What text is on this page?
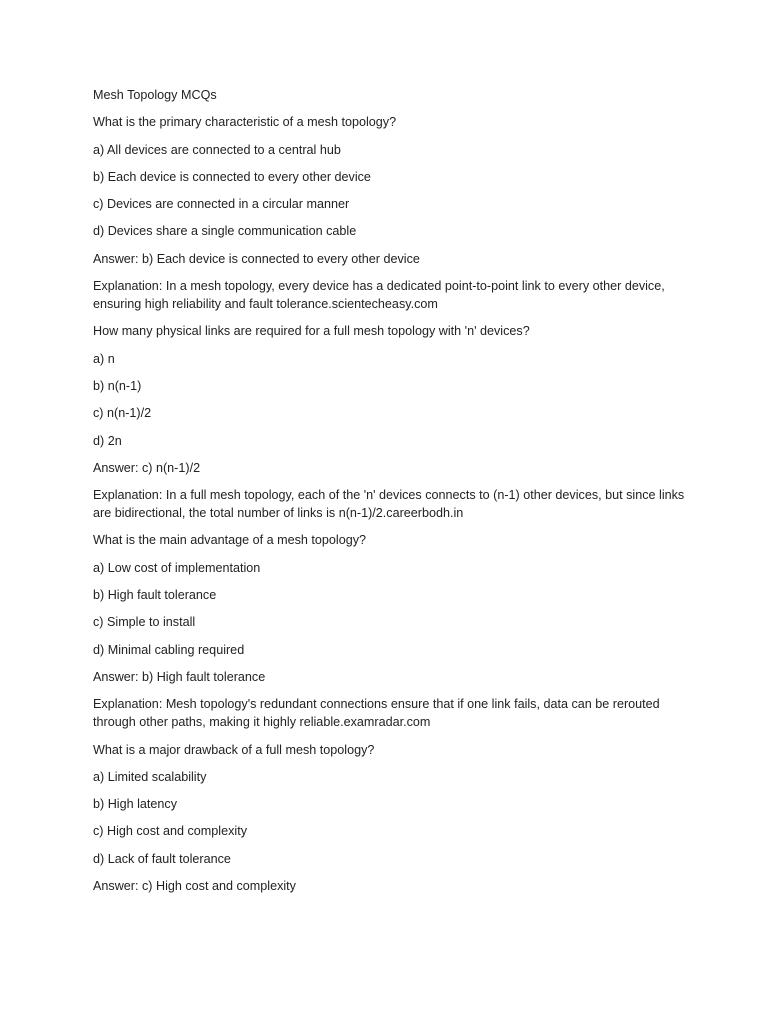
Mesh Topology MCQs

What is the primary characteristic of a mesh topology?

a) All devices are connected to a central hub

b) Each device is connected to every other device

c) Devices are connected in a circular manner

d) Devices share a single communication cable

Answer: b) Each device is connected to every other device

Explanation: In a mesh topology, every device has a dedicated point-to-point link to every other device, ensuring high reliability and fault tolerance.scientecheasy.com

How many physical links are required for a full mesh topology with 'n' devices?

a) n

b) n(n-1)

c) n(n-1)/2

d) 2n

Answer: c) n(n-1)/2

Explanation: In a full mesh topology, each of the 'n' devices connects to (n-1) other devices, but since links are bidirectional, the total number of links is n(n-1)/2.careerbodh.in

What is the main advantage of a mesh topology?

a) Low cost of implementation

b) High fault tolerance

c) Simple to install

d) Minimal cabling required

Answer: b) High fault tolerance

Explanation: Mesh topology's redundant connections ensure that if one link fails, data can be rerouted through other paths, making it highly reliable.examradar.com

What is a major drawback of a full mesh topology?

a) Limited scalability

b) High latency

c) High cost and complexity

d) Lack of fault tolerance

Answer: c) High cost and complexity
